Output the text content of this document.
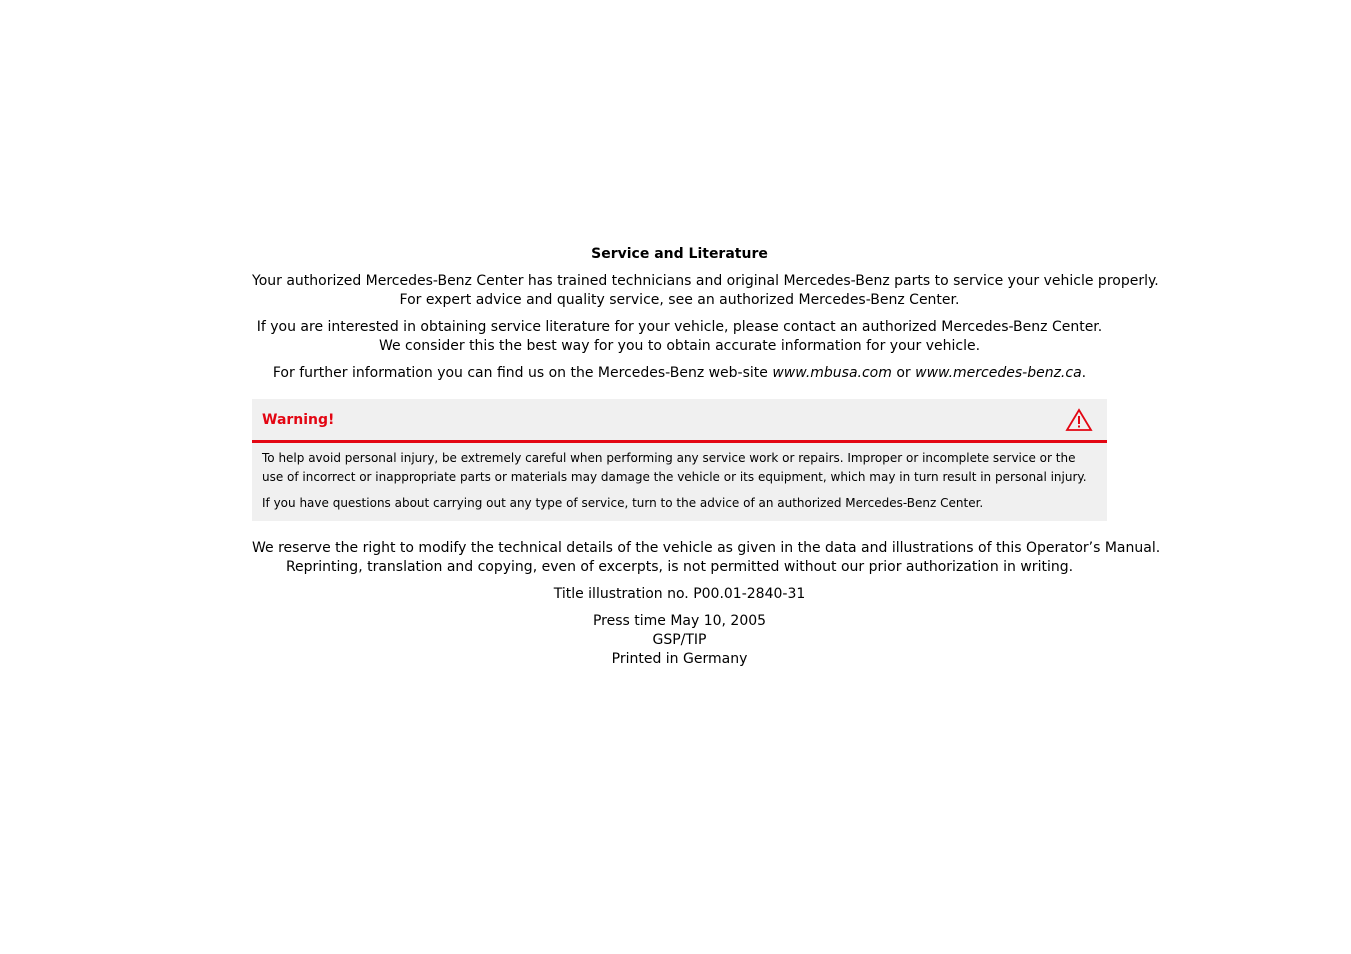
Service and Literature
Your authorized Mercedes-Benz Center has trained technicians and original Mercedes-Benz parts to service your vehicle properly.
For expert advice and quality service, see an authorized Mercedes-Benz Center.
If you are interested in obtaining service literature for your vehicle, please contact an authorized Mercedes-Benz Center.
We consider this the best way for you to obtain accurate information for your vehicle.
For further information you can find us on the Mercedes-Benz web-site www.mbusa.com or www.mercedes-benz.ca.
Warning!

To help avoid personal injury, be extremely careful when performing any service work or repairs. Improper or incomplete service or the use of incorrect or inappropriate parts or materials may damage the vehicle or its equipment, which may in turn result in personal injury.

If you have questions about carrying out any type of service, turn to the advice of an authorized Mercedes-Benz Center.

We reserve the right to modify the technical details of the vehicle as given in the data and illustrations of this Operator’s Manual.
Reprinting, translation and copying, even of excerpts, is not permitted without our prior authorization in writing.
Title illustration no. P00.01-2840-31
Press time May 10, 2005
GSP/TIP
Printed in Germany
